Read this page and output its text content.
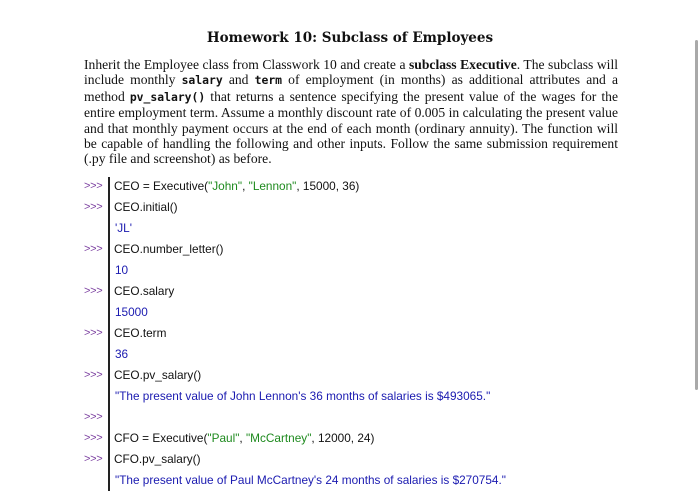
Homework 10: Subclass of Employees
Inherit the Employee class from Classwork 10 and create a subclass Executive. The subclass will include monthly salary and term of employment (in months) as additional attributes and a method pv_salary() that returns a sentence specifying the present value of the wages for the entire employment term. Assume a monthly discount rate of 0.005 in calculating the present value and that monthly payment occurs at the end of each month (ordinary annuity). The function will be capable of handling the following and other inputs. Follow the same submission requirement (.py file and screenshot) as before.
>>> CEO = Executive("John", "Lennon", 15000, 36)
>>> CEO.initial()
'JL'
>>> CEO.number_letter()
10
>>> CEO.salary
15000
>>> CEO.term
36
>>> CEO.pv_salary()
"The present value of John Lennon's 36 months of salaries is $493065."
>>>
>>> CFO = Executive("Paul", "McCartney", 12000, 24)
>>> CFO.pv_salary()
"The present value of Paul McCartney's 24 months of salaries is $270754."
